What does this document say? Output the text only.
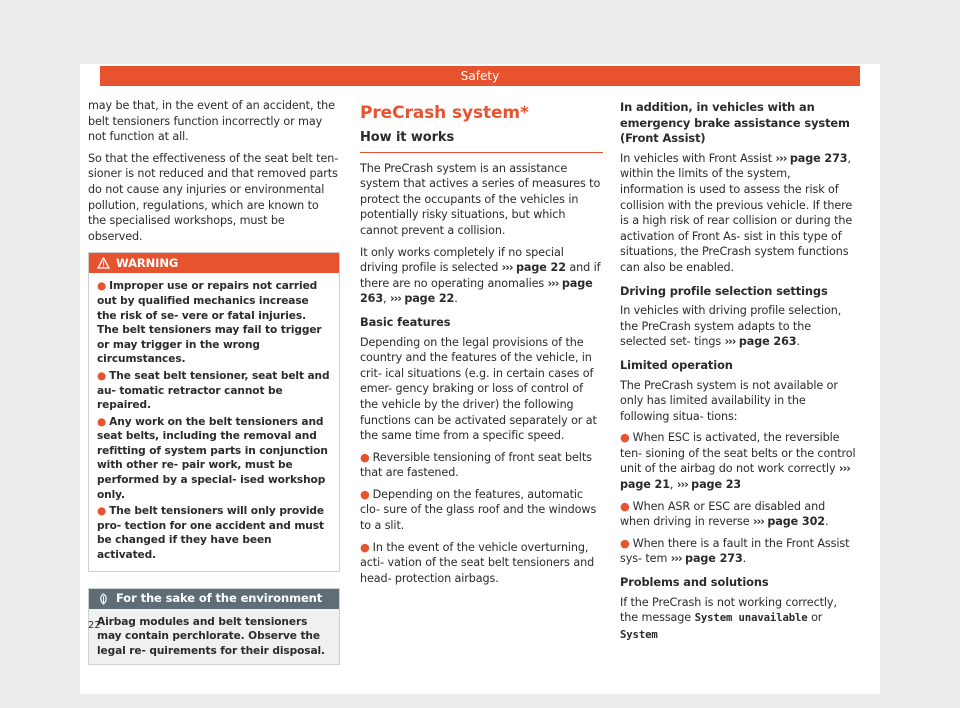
Safety

may be that, in the event of an accident, the belt tensioners function incorrectly or may not function at all.

So that the effectiveness of the seat belt ten- sioner is not reduced and that removed parts do not cause any injuries or environmental pollution, regulations, which are known to the specialised workshops, must be observed.

WARNING
● Improper use or repairs not carried out by qualified mechanics increase the risk of se- vere or fatal injuries. The belt tensioners may fail to trigger or may trigger in the wrong circumstances.
● The seat belt tensioner, seat belt and au- tomatic retractor cannot be repaired.
● Any work on the belt tensioners and seat belts, including the removal and refitting of system parts in conjunction with other re- pair work, must be performed by a special- ised workshop only.
● The belt tensioners will only provide pro- tection for one accident and must be changed if they have been activated.
For the sake of the environment
Airbag modules and belt tensioners may contain perchlorate. Observe the legal re- quirements for their disposal.
PreCrash system*
How it works

The PreCrash system is an assistance system that actives a series of measures to protect the occupants of the vehicles in potentially risky situations, but which cannot prevent a collision.

It only works completely if no special driving profile is selected ››› page 22 and if there are no operating anomalies ››› page 263, ››› page 22.

Basic features

Depending on the legal provisions of the country and the features of the vehicle, in crit- ical situations (e.g. in certain cases of emer- gency braking or loss of control of the vehicle by the driver) the following functions can be activated separately or at the same time from a specific speed.

● Reversible tensioning of front seat belts that are fastened.
● Depending on the features, automatic clo- sure of the glass roof and the windows to a slit.
● In the event of the vehicle overturning, acti- vation of the seat belt tensioners and head- protection airbags.
In addition, in vehicles with an emergency brake assistance system (Front Assist)

In vehicles with Front Assist ››› page 273, within the limits of the system, information is used to assess the risk of collision with the previous vehicle. If there is a high risk of rear collision or during the activation of Front As- sist in this type of situations, the PreCrash system functions can also be enabled.

Driving profile selection settings

In vehicles with driving profile selection, the PreCrash system adapts to the selected set- tings ››› page 263.

Limited operation

The PreCrash system is not available or only has limited availability in the following situa- tions:

● When ESC is activated, the reversible ten- sioning of the seat belts or the control unit of the airbag do not work correctly ››› page 21, ››› page 23
● When ASR or ESC are disabled and when driving in reverse ››› page 302.
● When there is a fault in the Front Assist sys- tem ››› page 273.
Problems and solutions

If the PreCrash is not working correctly, the message System unavailable or System

22
